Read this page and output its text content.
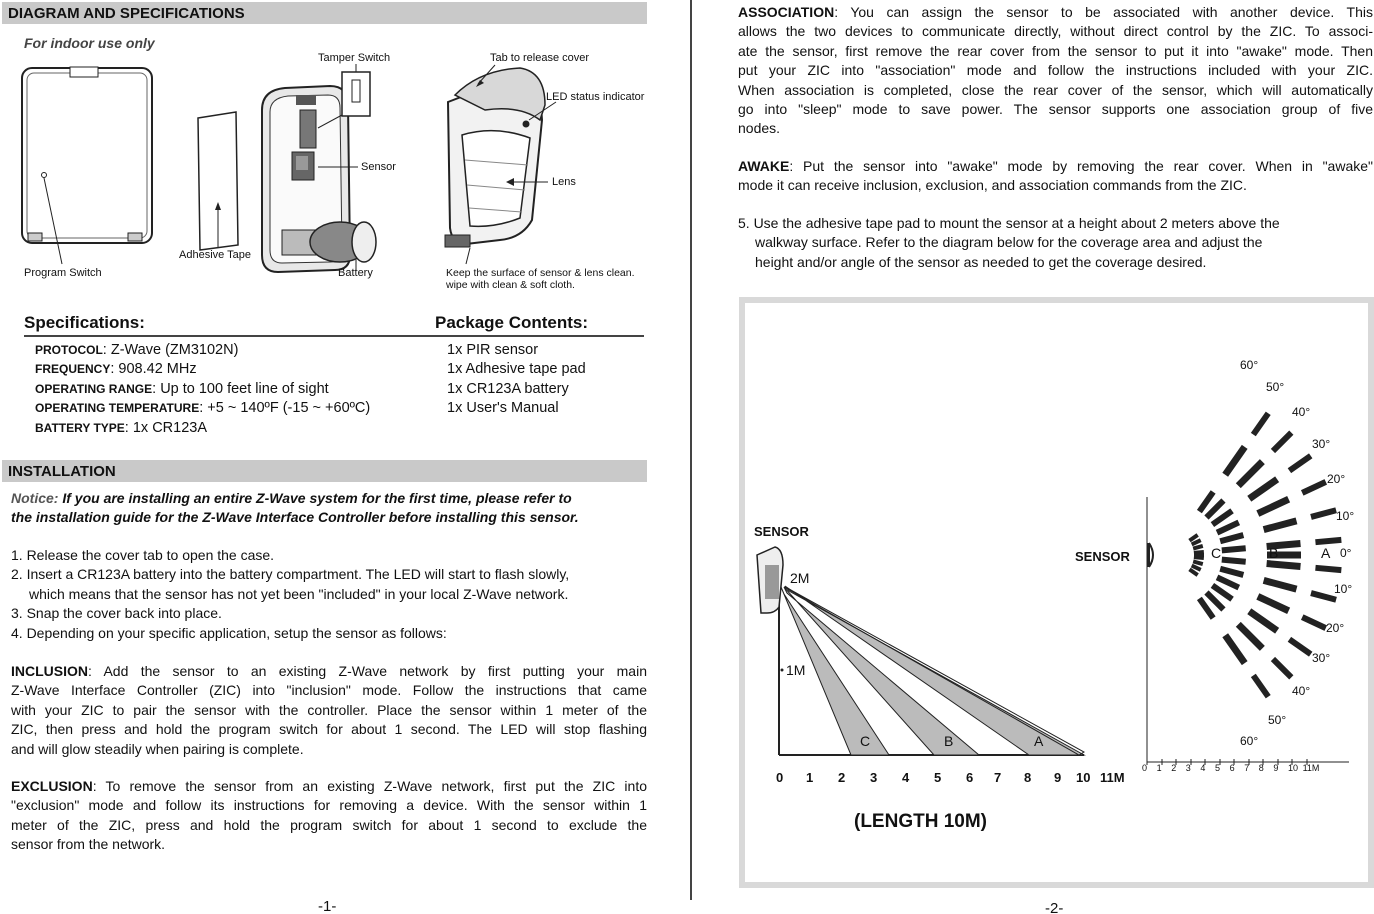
DIAGRAM AND SPECIFICATIONS
For indoor use only
Tamper Switch	Tab to release cover
LED status indicator
Sensor
Lens
Program Switch
Adhesive Tape
Battery	Keep the surface of sensor & lens clean.
wipe with clean & soft cloth.
Specifications:	Package Contents:
PROTOCOL: Z-Wave (ZM3102N)
FREQUENCY: 908.42 MHz
OPERATING RANGE: Up to 100 feet line of sight
OPERATING TEMPERATURE: +5 ~ 140ºF (-15 ~ +60ºC)
BATTERY TYPE: 1x CR123A
1x PIR sensor
1x Adhesive tape pad
1x CR123A battery
1x User's Manual
INSTALLATION
Notice: If you are installing an entire Z-Wave system for the first time, please refer to
the installation guide for the Z-Wave Interface Controller before installing this sensor.
1. Release the cover tab to open the case.
2. Insert a CR123A battery into the battery compartment. The LED will start to flash slowly,
which means that the sensor has not yet been "included" in your local Z-Wave network.
3. Snap the cover back into place.
4. Depending on your specific application, setup the sensor as follows:
INCLUSION: Add the sensor to an existing Z-Wave network by first putting your main
Z-Wave Interface Controller (ZIC) into "inclusion" mode. Follow the instructions that came
with your ZIC to pair the sensor with the controller. Place the sensor within 1 meter of the
ZIC, then press and hold the program switch for about 1 second. The LED will stop flashing
and will glow steadily when pairing is complete.
EXCLUSION: To remove the sensor from an existing Z-Wave network, first put the ZIC into
"exclusion" mode and follow its instructions for removing a device. With the sensor within 1
meter of the ZIC, press and hold the program switch for about 1 second to exclude the
sensor from the network.
-1-
ASSOCIATION: You can assign the sensor to be associated with another device. This
allows the two devices to communicate directly, without direct control by the ZIC. To associ-
ate the sensor, first remove the rear cover from the sensor to put it into "awake" mode. Then
put your ZIC into "association" mode and follow the instructions included with your ZIC.
When association is completed, close the rear cover of the sensor, which will automatically
go into "sleep" mode to save power. The sensor supports one association group of five
nodes.
AWAKE: Put the sensor into "awake" mode by removing the rear cover. When in "awake"
mode it can receive inclusion, exclusion, and association commands from the ZIC.
5. Use the adhesive tape pad to mount the sensor at a height about 2 meters above the
walkway surface. Refer to the diagram below for the coverage area and adjust the
height and/or angle of the sensor as needed to get the coverage desired.
SENSOR
SENSOR
2M
1M
C	B	A
0 1 2 3 4 5 6 7 8 9 10 11M
(LENGTH 10M)
C	B	A
60°
50°
40°
30°
20°
10°
0°
10°
20°
30°
40°
50°
60°
0 1 2 3 4 5 6 7 8 9 10 11M
-2-
